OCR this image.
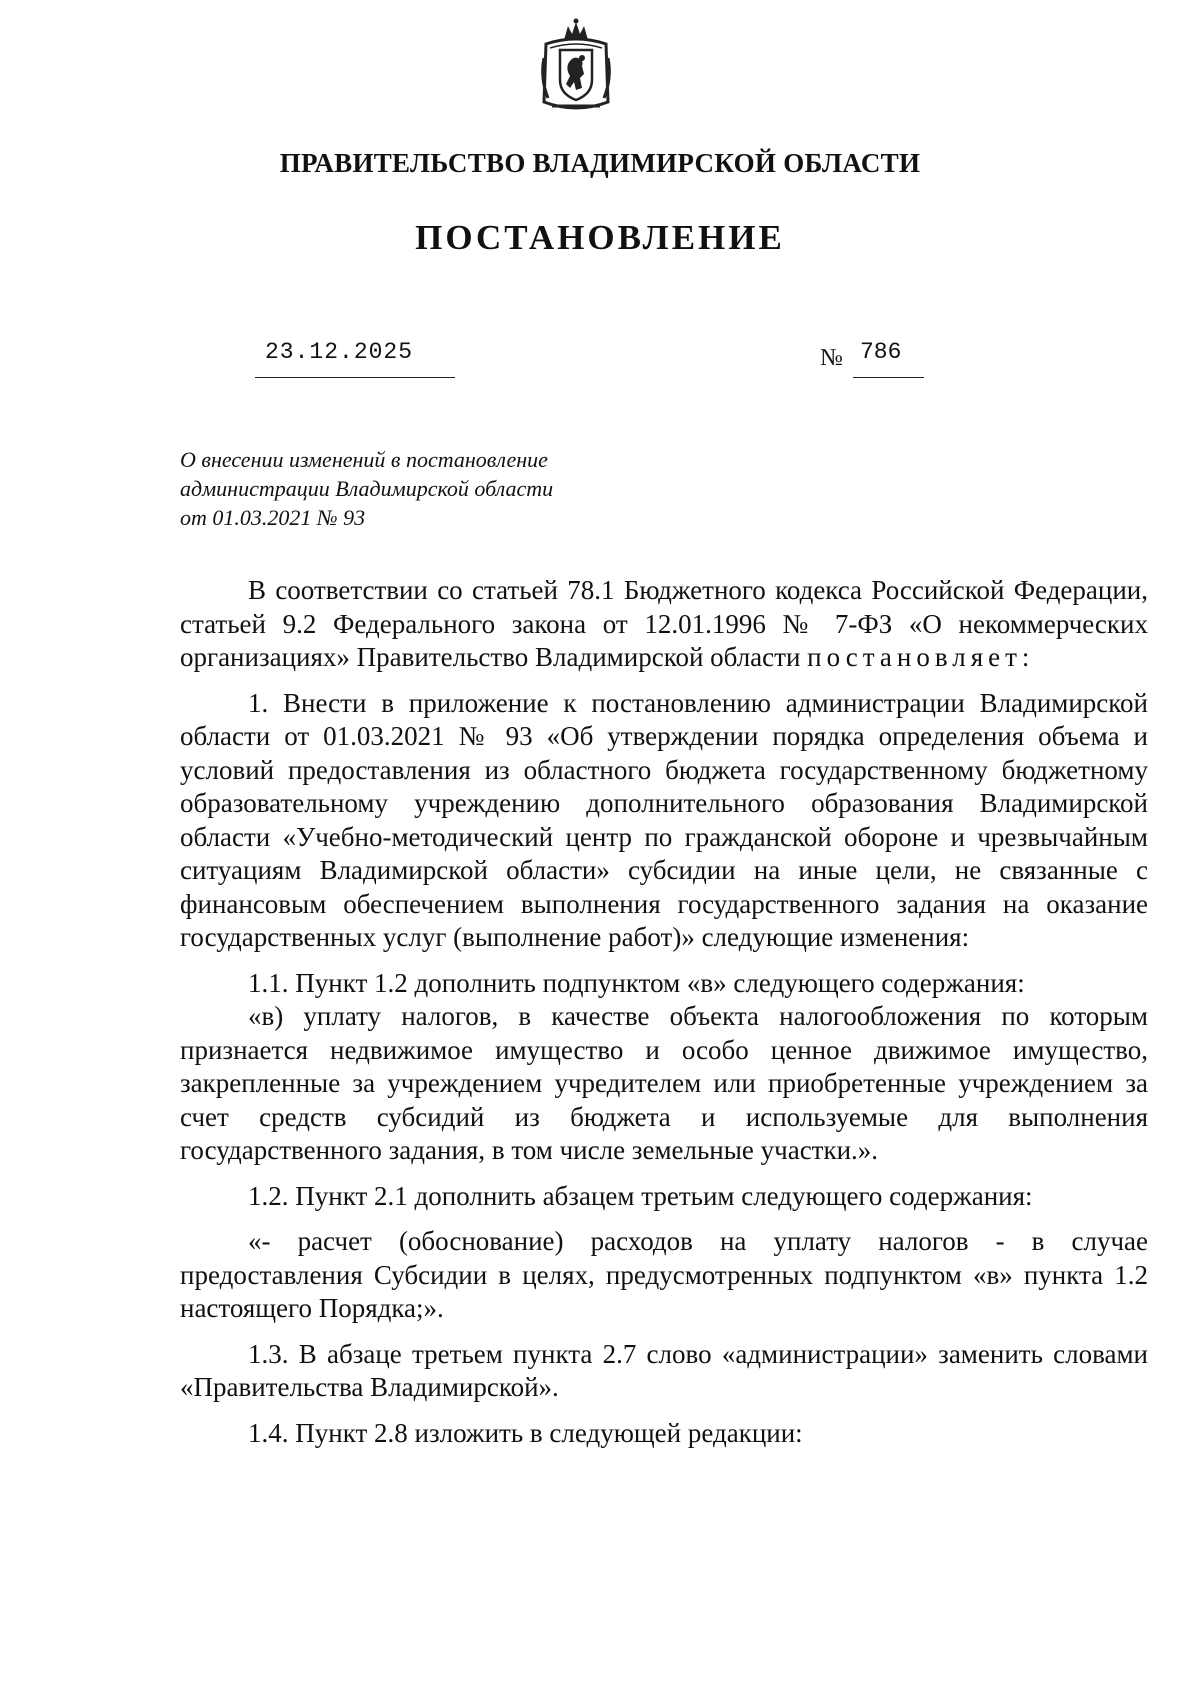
ПРАВИТЕЛЬСТВО ВЛАДИМИРСКОЙ ОБЛАСТИ
ПОСТАНОВЛЕНИЕ
23.12.2025	№ 786
О внесении изменений в постановление
администрации Владимирской области
от 01.03.2021 № 93

В соответствии со статьей 78.1 Бюджетного кодекса Российской Федерации, статьей 9.2 Федерального закона от 12.01.1996 № 7-ФЗ «О некоммерческих организациях» Правительство Владимирской области постановляет:

1. Внести в приложение к постановлению администрации Владимирской области от 01.03.2021 № 93 «Об утверждении порядка определения объема и условий предоставления из областного бюджета государственному бюджетному образовательному учреждению дополнительного образования Владимирской области «Учебно-методический центр по гражданской обороне и чрезвычайным ситуациям Владимирской области» субсидии на иные цели, не связанные с финансовым обеспечением выполнения государственного задания на оказание государственных услуг (выполнение работ)» следующие изменения:

1.1. Пункт 1.2 дополнить подпунктом «в» следующего содержания:

«в) уплату налогов, в качестве объекта налогообложения по которым признается недвижимое имущество и особо ценное движимое имущество, закрепленные за учреждением учредителем или приобретенные учреждением за счет средств субсидий из бюджета и используемые для выполнения государственного задания, в том числе земельные участки.».

1.2. Пункт 2.1 дополнить абзацем третьим следующего содержания:

«- расчет (обоснование) расходов на уплату налогов - в случае предоставления Субсидии в целях, предусмотренных подпунктом «в» пункта 1.2 настоящего Порядка;».

1.3. В абзаце третьем пункта 2.7 слово «администрации» заменить словами «Правительства Владимирской».

1.4. Пункт 2.8 изложить в следующей редакции:
